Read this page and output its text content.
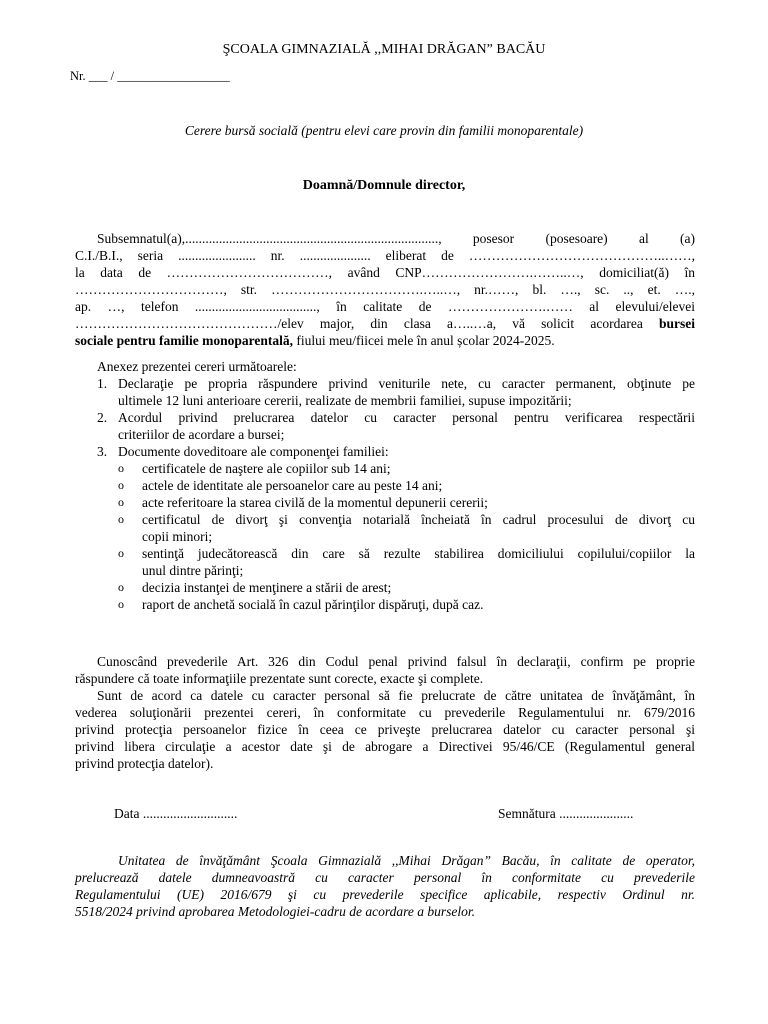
ŞCOALA GIMNAZIALĂ ,,MIHAI DRĂGAN” BACĂU
Nr. ___ / __________________
Cerere bursă socială (pentru elevi care provin din familii monoparentale)
Doamnă/Domnule director,
Subsemnatul(a),..........................................................................., posesor (posesoare) al (a)
C.I./B.I., seria ....................... nr. ..................... eliberat de ……………………………………..……,
la data de ………………………………, având CNP…………………….……..…, domiciliat(ă) în
……………………………, str. …………………………….…..…, nr.……, bl. …., sc. .., et. ….,
ap. …, telefon ...................................., în calitate de ………………….…… al elevului/elevei
………………………………………/elev major, din clasa a…..…a, vă solicit acordarea bursei
sociale pentru familie monoparentală, fiului meu/fiicei mele în anul școlar 2024-2025.
Anexez prezentei cereri următoarele:
1. Declaraţie pe propria răspundere privind veniturile nete, cu caracter permanent, obţinute pe
ultimele 12 luni anterioare cererii, realizate de membrii familiei, supuse impozitării;
2. Acordul privind prelucrarea datelor cu caracter personal pentru verificarea respectării
criteriilor de acordare a bursei;
3. Documente doveditoare ale componenţei familiei:
o certificatele de naştere ale copiilor sub 14 ani;
o actele de identitate ale persoanelor care au peste 14 ani;
o acte referitoare la starea civilă de la momentul depunerii cererii;
o certificatul de divorţ şi convenţia notarială încheiată în cadrul procesului de divorţ cu
copii minori;
o sentinţă judecătorească din care să rezulte stabilirea domiciliului copilului/copiilor la
unul dintre părinţi;
o decizia instanţei de menţinere a stării de arest;
o raport de anchetă socială în cazul părinţilor dispăruţi, după caz.
Cunoscând prevederile Art. 326 din Codul penal privind falsul în declaraţii, confirm pe proprie
răspundere că toate informaţiile prezentate sunt corecte, exacte şi complete.
Sunt de acord ca datele cu caracter personal să fie prelucrate de către unitatea de învăţământ, în
vederea soluţionării prezentei cereri, în conformitate cu prevederile Regulamentului nr. 679/2016
privind protecţia persoanelor fizice în ceea ce priveşte prelucrarea datelor cu caracter personal şi
privind libera circulaţie a acestor date şi de abrogare a Directivei 95/46/CE (Regulamentul general
privind protecţia datelor).
Data ............................	Semnătura ......................
Unitatea de învăţământ Şcoala Gimnazială ,,Mihai Drăgan” Bacău, în calitate de operator,
prelucrează datele dumneavoastră cu caracter personal în conformitate cu prevederile
Regulamentului (UE) 2016/679 şi cu prevederile specifice aplicabile, respectiv Ordinul nr.
5518/2024 privind aprobarea Metodologiei-cadru de acordare a burselor.
